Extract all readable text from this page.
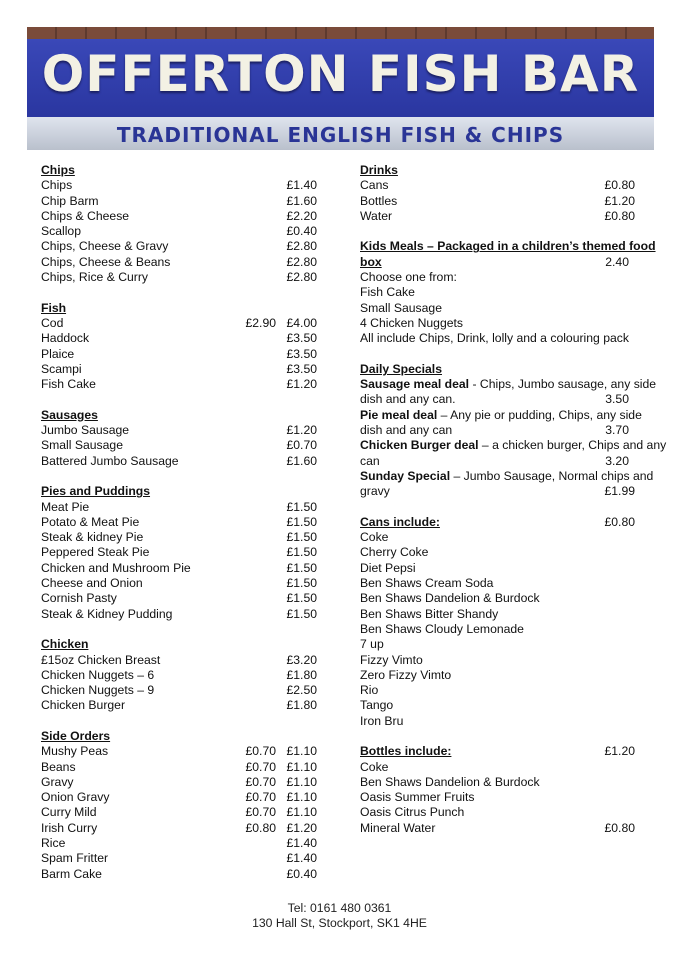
OFFERTON FISH BAR
TRADITIONAL ENGLISH FISH & CHIPS
Chips
Chips	£1.40
Chip Barm	£1.60
Chips & Cheese	£2.20
Scallop	£0.40
Chips, Cheese & Gravy	£2.80
Chips, Cheese & Beans	£2.80
Chips, Rice & Curry	£2.80
Fish
Cod	£2.90 £4.00
Haddock	£3.50
Plaice	£3.50
Scampi	£3.50
Fish Cake	£1.20
Sausages
Jumbo Sausage	£1.20
Small Sausage	£0.70
Battered Jumbo Sausage	£1.60
Pies and Puddings
Meat Pie	£1.50
Potato & Meat Pie	£1.50
Steak & kidney Pie	£1.50
Peppered Steak Pie	£1.50
Chicken and Mushroom Pie	£1.50
Cheese and Onion	£1.50
Cornish Pasty	£1.50
Steak & Kidney Pudding	£1.50
Chicken
£15oz Chicken Breast	£3.20
Chicken Nuggets – 6	£1.80
Chicken Nuggets – 9	£2.50
Chicken Burger	£1.80
Side Orders
Mushy Peas	£0.70 £1.10
Beans	£0.70 £1.10
Gravy	£0.70 £1.10
Onion Gravy	£0.70 £1.10
Curry Mild	£0.70 £1.10
Irish Curry	£0.80 £1.20
Rice	£1.40
Spam Fritter	£1.40
Barm Cake	£0.40
Drinks
Cans	£0.80
Bottles	£1.20
Water	£0.80
Kids Meals – Packaged in a children’s themed food
box	2.40
Choose one from:
Fish Cake
Small Sausage
4 Chicken Nuggets
All include Chips, Drink, lolly and a colouring pack
Daily Specials
Sausage meal deal - Chips, Jumbo sausage, any side
dish and any can.	3.50
Pie meal deal – Any pie or pudding, Chips, any side
dish and any can	3.70
Chicken Burger deal – a chicken burger, Chips and any
can	3.20
Sunday Special – Jumbo Sausage, Normal chips and
gravy	£1.99
Cans include:	£0.80
Coke
Cherry Coke
Diet Pepsi
Ben Shaws Cream Soda
Ben Shaws Dandelion & Burdock
Ben Shaws Bitter Shandy
Ben Shaws Cloudy Lemonade
7 up
Fizzy Vimto
Zero Fizzy Vimto
Rio
Tango
Iron Bru
Bottles include:	£1.20
Coke
Ben Shaws Dandelion & Burdock
Oasis Summer Fruits
Oasis Citrus Punch
Mineral Water	£0.80
Tel: 0161 480 0361
130 Hall St, Stockport, SK1 4HE
